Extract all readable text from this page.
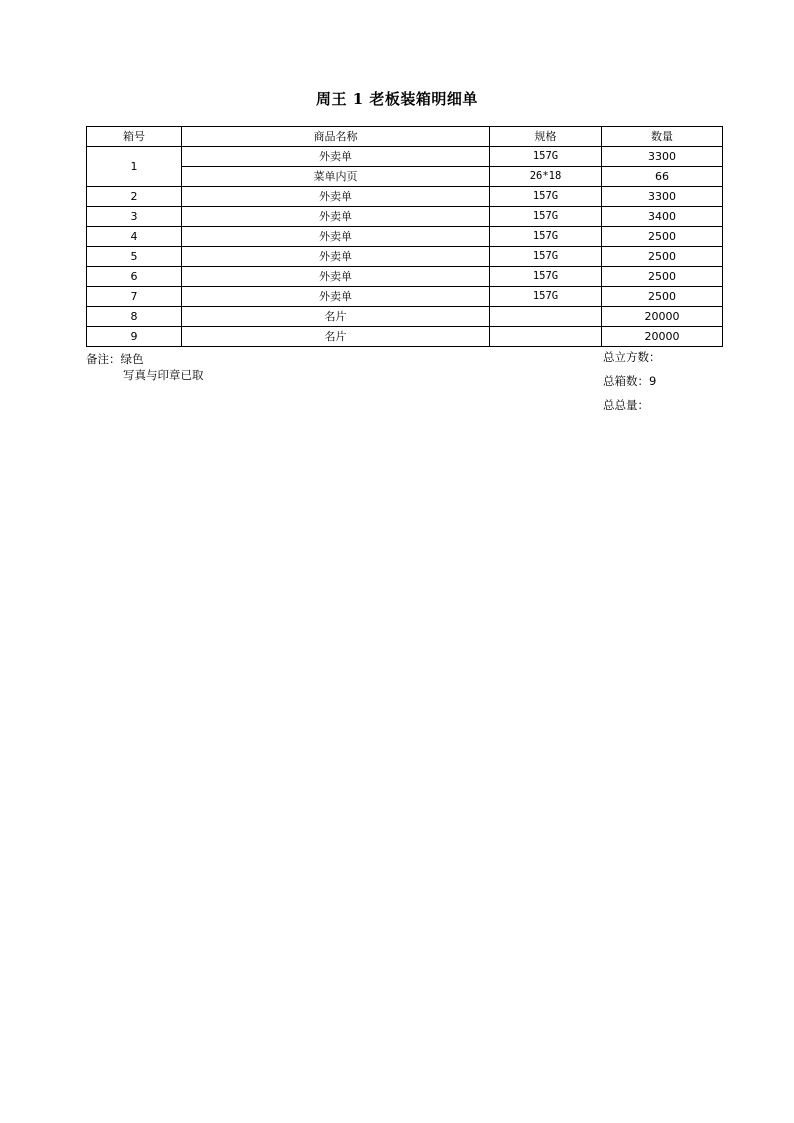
周王 1 老板装箱明细单
箱号	商品名称	规格	数量
1	外卖单	157G	3300
	菜单内页	26*18	66
2	外卖单	157G	3300
3	外卖单	157G	3400
4	外卖单	157G	2500
5	外卖单	157G	2500
6	外卖单	157G	2500
7	外卖单	157G	2500
8	名片		20000
9	名片		20000
备注：绿色
写真与印章已取
总立方数：
总箱数：9
总总量：
